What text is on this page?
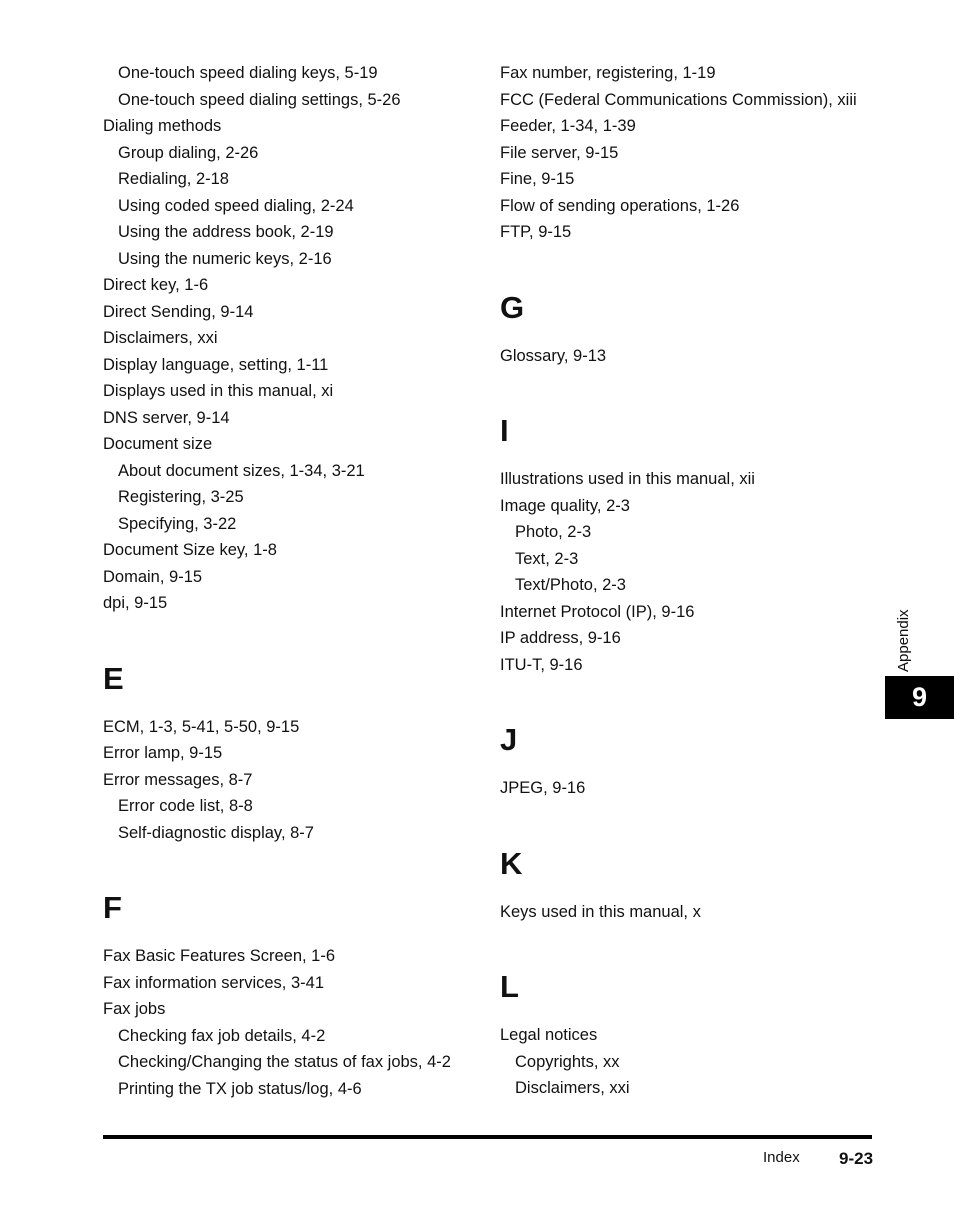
One-touch speed dialing keys, 5-19
One-touch speed dialing settings, 5-26
Dialing methods
Group dialing, 2-26
Redialing, 2-18
Using coded speed dialing, 2-24
Using the address book, 2-19
Using the numeric keys, 2-16
Direct key, 1-6
Direct Sending, 9-14
Disclaimers, xxi
Display language, setting, 1-11
Displays used in this manual, xi
DNS server, 9-14
Document size
About document sizes, 1-34, 3-21
Registering, 3-25
Specifying, 3-22
Document Size key, 1-8
Domain, 9-15
dpi, 9-15
E
ECM, 1-3, 5-41, 5-50, 9-15
Error lamp, 9-15
Error messages, 8-7
Error code list, 8-8
Self-diagnostic display, 8-7
F
Fax Basic Features Screen, 1-6
Fax information services, 3-41
Fax jobs
Checking fax job details, 4-2
Checking/Changing the status of fax jobs, 4-2
Printing the TX job status/log, 4-6
Fax number, registering, 1-19
FCC (Federal Communications Commission), xiii
Feeder, 1-34, 1-39
File server, 9-15
Fine, 9-15
Flow of sending operations, 1-26
FTP, 9-15
G
Glossary, 9-13
I
Illustrations used in this manual, xii
Image quality, 2-3
Photo, 2-3
Text, 2-3
Text/Photo, 2-3
Internet Protocol (IP), 9-16
IP address, 9-16
ITU-T, 9-16
J
JPEG, 9-16
K
Keys used in this manual, x
L
Legal notices
Copyrights, xx
Disclaimers, xxi
Appendix
9
Index 9-23
